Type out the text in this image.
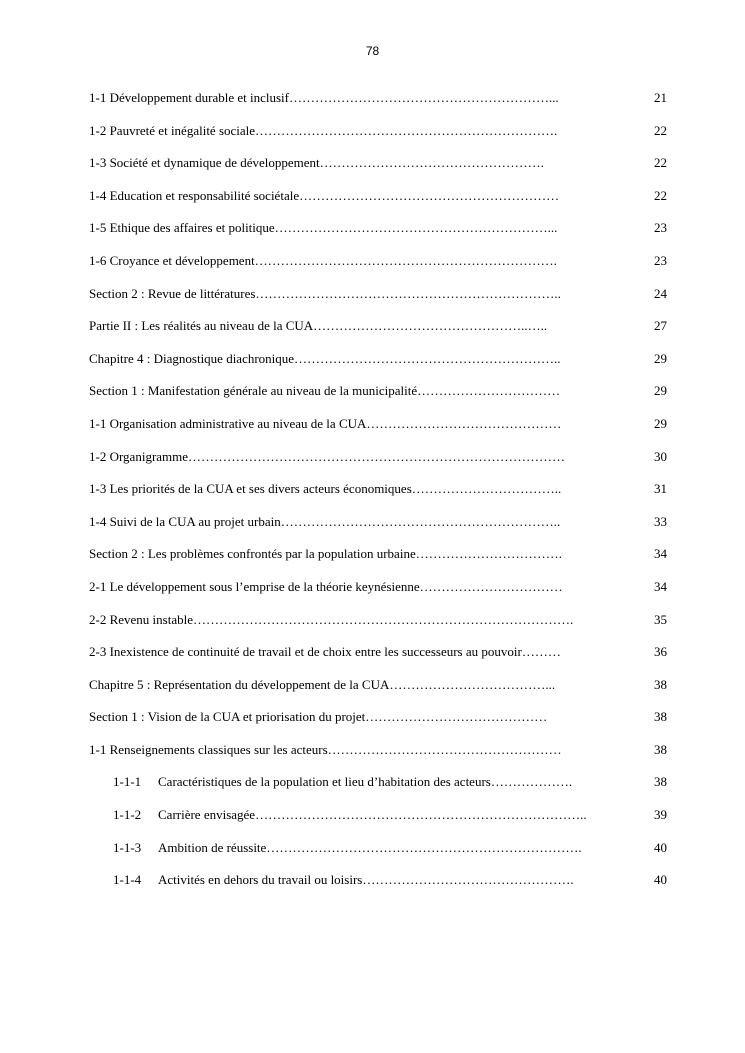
78
1-1 Développement durable et inclusif……………………………………………………...	21
1-2 Pauvreté et inégalité sociale…………………………………………………………….	22
1-3 Société et dynamique de développement…………………………………………….	22
1-4 Education et responsabilité sociétale……………………………………………………	22
1-5 Ethique des affaires et politique………………………………………………………...	23
1-6 Croyance et développement…………………………………………………………….	23
Section 2 : Revue de littératures……………………………………………………………..	24
Partie II : Les réalités au niveau de la CUA…………………………………………..…..	27
Chapitre 4 : Diagnostique diachronique……………………………………………………..	29
Section 1 : Manifestation générale au niveau de la municipalité……………………………	29
1-1 Organisation administrative au niveau de la CUA………………………………………	29
1-2 Organigramme……………………………………………………………………………	30
1-3 Les priorités de la CUA et ses divers acteurs économiques……………………………..	31
1-4 Suivi de la CUA au projet urbain………………………………………………………..	33
Section 2 : Les problèmes confrontés par la population urbaine…………………………….	34
2-1 Le développement sous l’emprise de la théorie keynésienne……………………………	34
2-2 Revenu instable…………………………………………………………………………….	35
2-3 Inexistence de continuité de travail et de choix entre les successeurs au pouvoir………	36
Chapitre 5 : Représentation du développement de la CUA………………………………...	38
Section 1 : Vision de la CUA et priorisation du projet……………………………………	38
1-1 Renseignements classiques sur les acteurs………………………………………………	38
1-1-1 Caractéristiques de la population et lieu d’habitation des acteurs……………….	38
1-1-2 Carrière envisagée…………………………………………………………………..	39
1-1-3 Ambition de réussite……………………………………………………………….	40
1-1-4 Activités en dehors du travail ou loisirs………………………………………….	40
